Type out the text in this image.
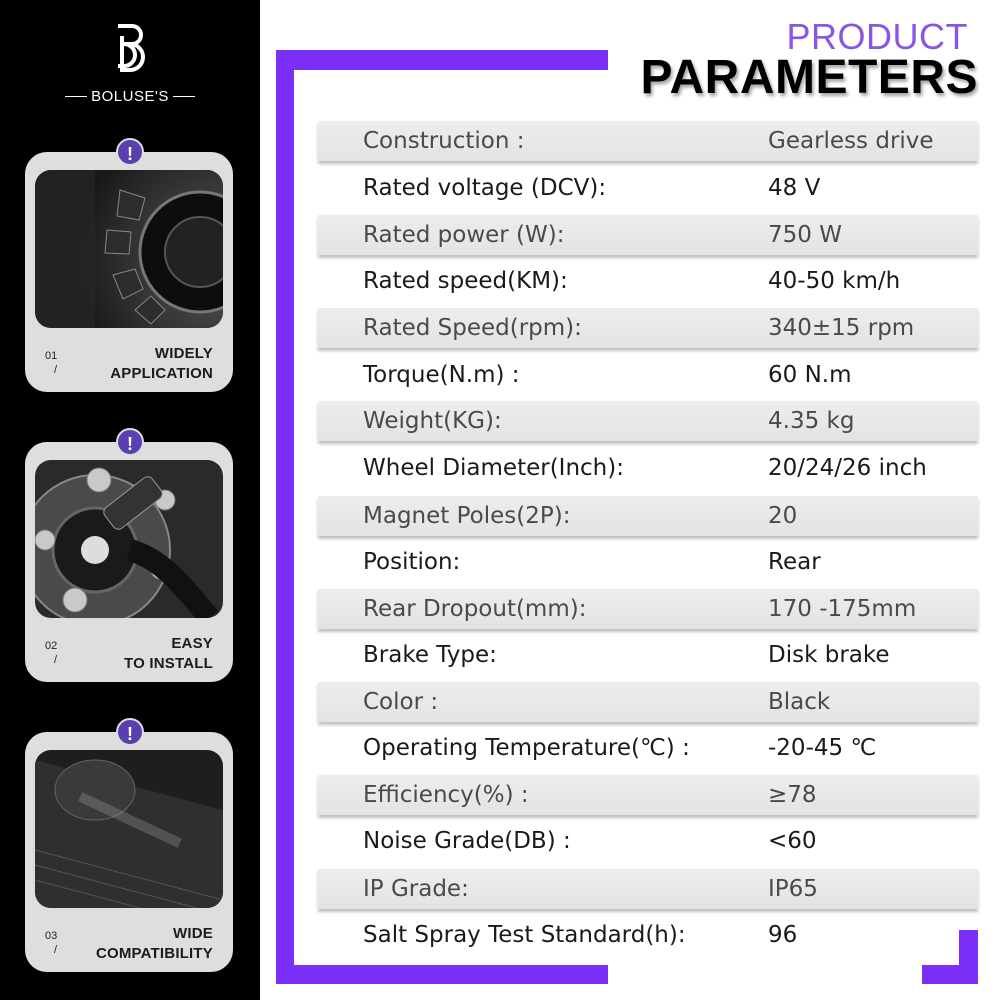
BOLUSE'S
!
01
/
WIDELY
APPLICATION
!
02
/
EASY
TO INSTALL
!
03
/
WIDE
COMPATIBILITY
PRODUCT
PARAMETERS
Construction :	Gearless drive
Rated voltage (DCV):	48 V
Rated power (W):	750 W
Rated speed(KM):	40-50 km/h
Rated Speed(rpm):	340±15 rpm
Torque(N.m) :	60 N.m
Weight(KG):	4.35 kg
Wheel Diameter(Inch):	20/24/26 inch
Magnet Poles(2P):	20
Position:	Rear
Rear Dropout(mm):	170 -175mm
Brake Type:	Disk brake
Color :	Black
Operating Temperature(℃) :	-20-45 ℃
Efficiency(%) :	≥78
Noise Grade(DB) :	<60
IP Grade:	IP65
Salt Spray Test Standard(h):	96
